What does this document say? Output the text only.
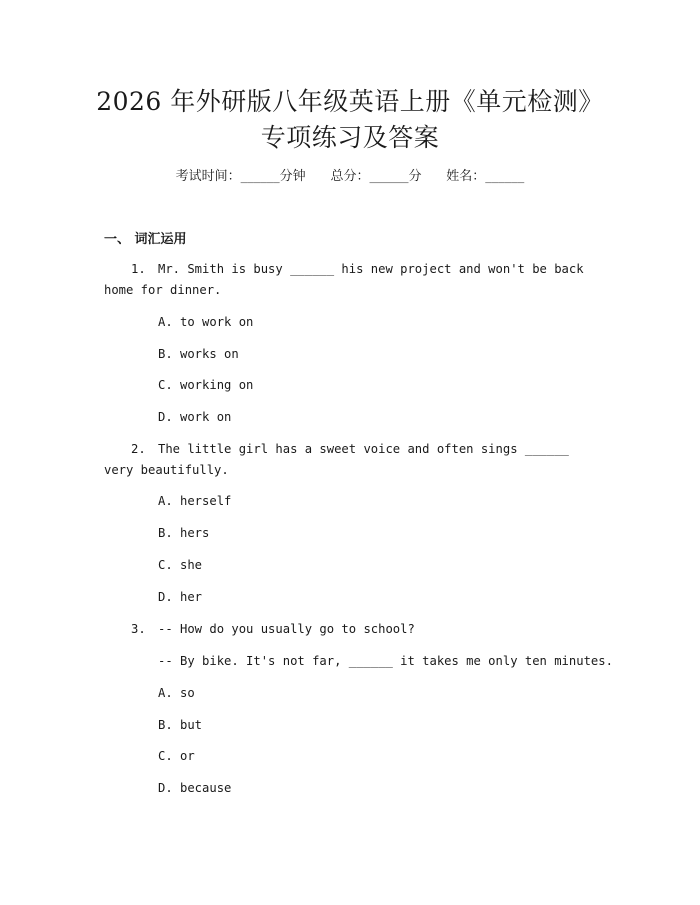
2026 年外研版八年级英语上册《单元检测》
专项练习及答案
考试时间：______分钟 总分：______分 姓名：______
一、 词汇运用
1. Mr. Smith is busy ______ his new project and won't be back home for dinner.
A. to work on
B. works on
C. working on
D. work on
2. The little girl has a sweet voice and often sings ______ very beautifully.
A. herself
B. hers
C. she
D. her
3. -- How do you usually go to school?
-- By bike. It's not far, ______ it takes me only ten minutes.
A. so
B. but
C. or
D. because
